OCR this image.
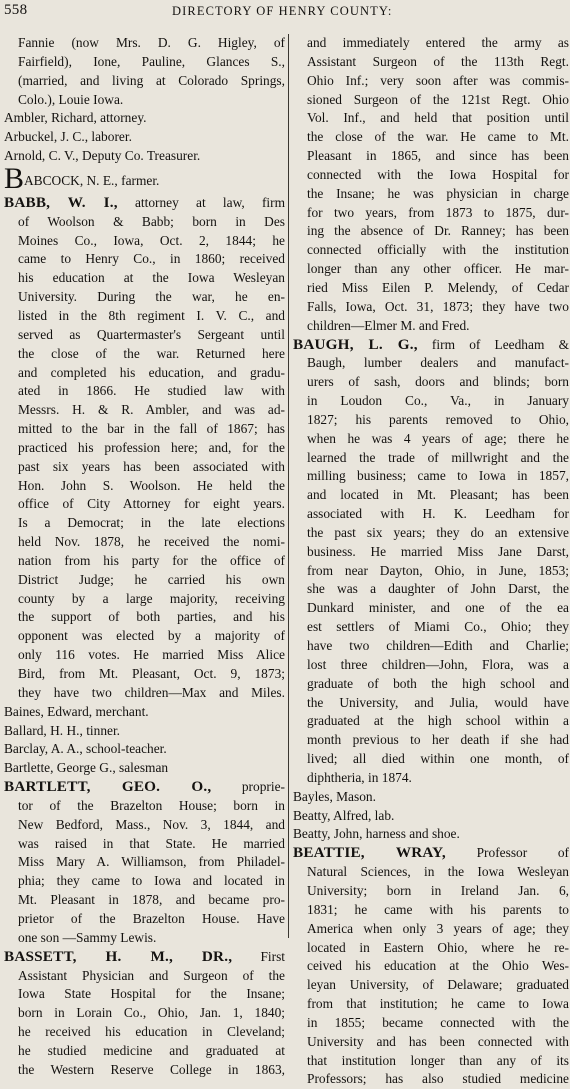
558	DIRECTORY OF HENRY COUNTY:
Fannie (now Mrs. D. G. Higley, of
Fairfield), Ione, Pauline, Glances S.,
(married, and living at Colorado Springs,
Colo.), Louie Iowa.
Ambler, Richard, attorney.
Arbuckel, J. C., laborer.
Arnold, C. V., Deputy Co. Treasurer.
BABCOCK, N. E., farmer.
BABB, W. I., attorney at law, firm
of Woolson & Babb; born in Des
Moines Co., Iowa, Oct. 2, 1844; he
came to Henry Co., in 1860; received
his education at the Iowa Wesleyan
University. During the war, he en-
listed in the 8th regiment I. V. C., and
served as Quartermaster's Sergeant until
the close of the war. Returned here
and completed his education, and gradu-
ated in 1866. He studied law with
Messrs. H. & R. Ambler, and was ad-
mitted to the bar in the fall of 1867; has
practiced his profession here; and, for the
past six years has been associated with
Hon. John S. Woolson. He held the
office of City Attorney for eight years.
Is a Democrat; in the late elections
held Nov. 1878, he received the nomi-
nation from his party for the office of
District Judge; he carried his own
county by a large majority, receiving
the support of both parties, and his
opponent was elected by a majority of
only 116 votes. He married Miss Alice
Bird, from Mt. Pleasant, Oct. 9, 1873;
they have two children—Max and Miles.
Baines, Edward, merchant.
Ballard, H. H., tinner.
Barclay, A. A., school-teacher.
Bartlette, George G., salesman
BARTLETT, GEO. O., proprie-
tor of the Brazelton House; born in
New Bedford, Mass., Nov. 3, 1844, and
was raised in that State. He married
Miss Mary A. Williamson, from Philadel-
phia; they came to Iowa and located in
Mt. Pleasant in 1878, and became pro-
prietor of the Brazelton House. Have
one son —Sammy Lewis.
BASSETT, H. M., DR., First
Assistant Physician and Surgeon of the
Iowa State Hospital for the Insane;
born in Lorain Co., Ohio, Jan. 1, 1840;
he received his education in Cleveland;
he studied medicine and graduated at
the Western Reserve College in 1863,
and immediately entered the army as
Assistant Surgeon of the 113th Regt.
Ohio Inf.; very soon after was commis-
sioned Surgeon of the 121st Regt. Ohio
Vol. Inf., and held that position until
the close of the war. He came to Mt.
Pleasant in 1865, and since has been
connected with the Iowa Hospital for
the Insane; he was physician in charge
for two years, from 1873 to 1875, dur-
ing the absence of Dr. Ranney; has been
connected officially with the institution
longer than any other officer. He mar-
ried Miss Eilen P. Melendy, of Cedar
Falls, Iowa, Oct. 31, 1873; they have two
children—Elmer M. and Fred.
BAUGH, L. G., firm of Leedham &
Baugh, lumber dealers and manufact-
urers of sash, doors and blinds; born
in Loudon Co., Va., in January
1827; his parents removed to Ohio,
when he was 4 years of age; there he
learned the trade of millwright and the
milling business; came to Iowa in 1857,
and located in Mt. Pleasant; has been
associated with H. K. Leedham for
the past six years; they do an extensive
business. He married Miss Jane Darst,
from near Dayton, Ohio, in June, 1853;
she was a daughter of John Darst, the
Dunkard minister, and one of the ea
est settlers of Miami Co., Ohio; they
have two children—Edith and Charlie;
lost three children—John, Flora, was a
graduate of both the high school and
the University, and Julia, would have
graduated at the high school within a
month previous to her death if she had
lived; all died within one month, of
diphtheria, in 1874.
Bayles, Mason.
Beatty, Alfred, lab.
Beatty, John, harness and shoe.
BEATTIE, WRAY, Professor of
Natural Sciences, in the Iowa Wesleyan
University; born in Ireland Jan. 6,
1831; he came with his parents to
America when only 3 years of age; they
located in Eastern Ohio, where he re-
ceived his education at the Ohio Wes-
leyan University, of Delaware; graduated
from that institution; he came to Iowa
in 1855; became connected with the
University and has been connected with
that institution longer than any of its
Professors; has also studied medicine
